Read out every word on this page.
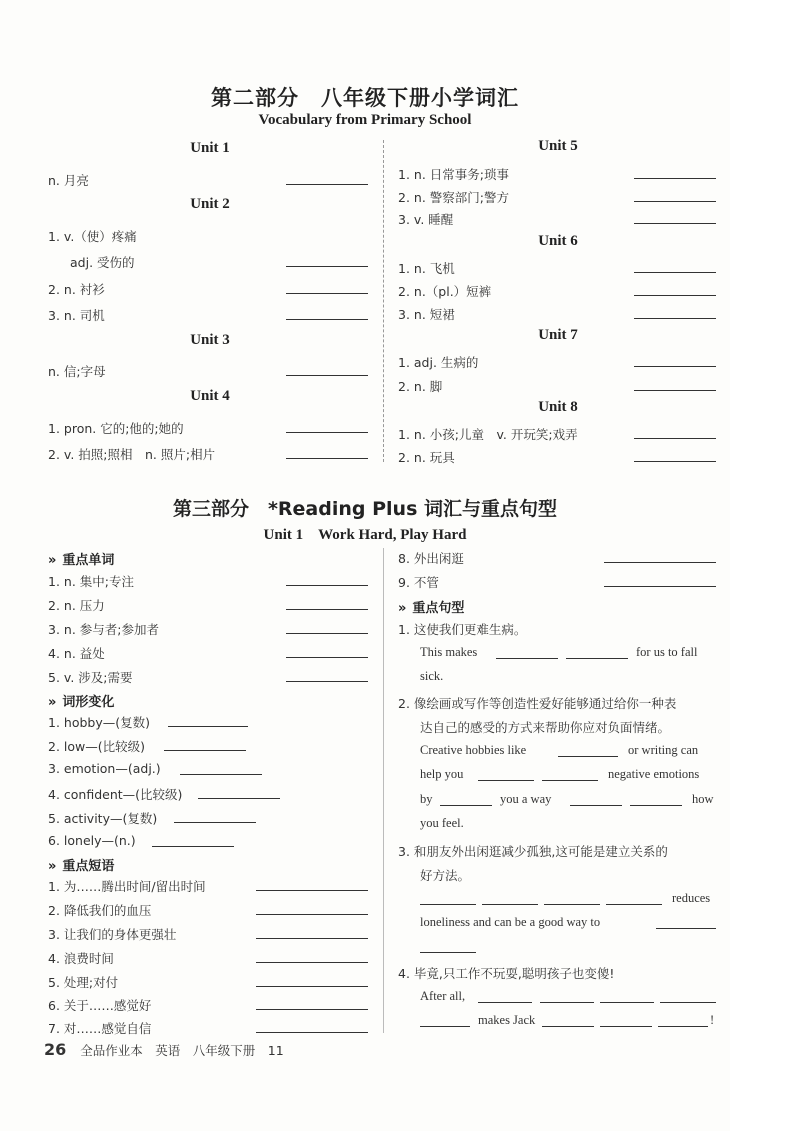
第二部分　八年级下册小学词汇
Vocabulary from Primary School
Unit 1
n. 月亮
Unit 2
1. v.（使）疼痛
adj. 受伤的
2. n. 衬衫
3. n. 司机
Unit 3
n. 信;字母
Unit 4
1. pron. 它的;他的;她的
2. v. 拍照;照相　n. 照片;相片
Unit 5
1. n. 日常事务;琐事
2. n. 警察部门;警方
3. v. 睡醒
Unit 6
1. n. 飞机
2. n.（pl.）短裤
3. n. 短裙
Unit 7
1. adj. 生病的
2. n. 脚
Unit 8
1. n. 小孩;儿童　v. 开玩笑;戏弄
2. n. 玩具
第三部分　*Reading Plus 词汇与重点句型
Unit 1　Work Hard, Play Hard
» 重点单词
1. n. 集中;专注
2. n. 压力
3. n. 参与者;参加者
4. n. 益处
5. v. 涉及;需要
» 词形变化
1. hobby—(复数)
2. low—(比较级)
3. emotion—(adj.)
4. confident—(比较级)
5. activity—(复数)
6. lonely—(n.)
» 重点短语
1. 为……腾出时间/留出时间
2. 降低我们的血压
3. 让我们的身体更强壮
4. 浪费时间
5. 处理;对付
6. 关于……感觉好
7. 对……感觉自信
8. 外出闲逛
9. 不管
» 重点句型
1. 这使我们更难生病。
This makes	for us to fall
sick.
2. 像绘画或写作等创造性爱好能够通过给你一种表
达自己的感受的方式来帮助你应对负面情绪。
Creative hobbies like	or writing can
help you	negative emotions
by	you a way	how
you feel.
3. 和朋友外出闲逛减少孤独,这可能是建立关系的
好方法。
reduces
loneliness and can be a good way to
4. 毕竟,只工作不玩耍,聪明孩子也变傻!
After all,
makes Jack	!
26 全品作业本　英语　八年级下册　11
